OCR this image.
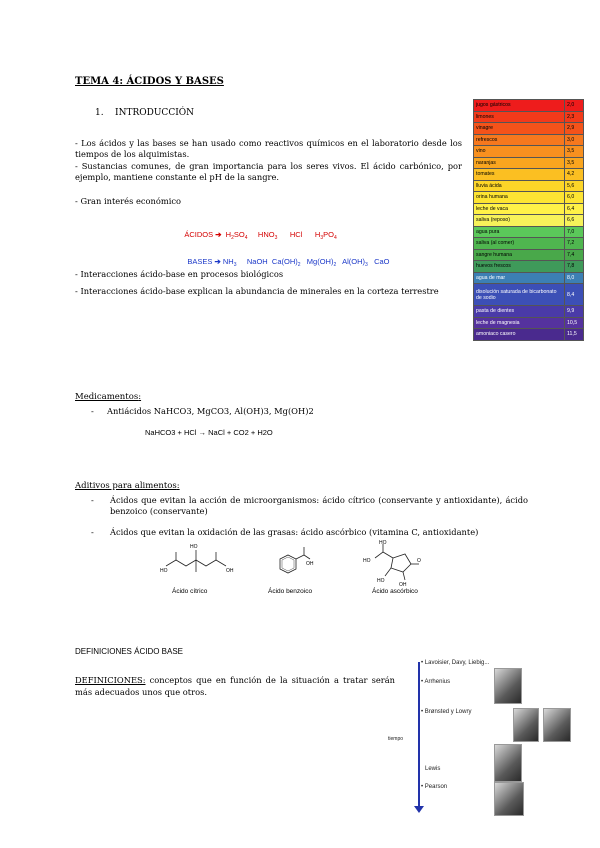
TEMA 4: ÁCIDOS Y BASES
1. INTRODUCCIÓN
- Los ácidos y las bases se han usado como reactivos químicos en el laboratorio desde los tiempos de los alquimistas.
- Sustancias comunes, de gran importancia para los seres vivos. El ácido carbónico, por ejemplo, mantiene constante el pH de la sangre.
- Gran interés económico

ÁCIDOS ➔ $H_2SO_4$ $HNO_3$ HCl $H_3PO_4$

BASES ➔ $NH_3$ NaOH $Ca(OH)_2$ $Mg(OH)_2$ $Al(OH)_3$ CaO

- Interacciones ácido-base en procesos biológicos
- Interacciones ácido-base explican la abundancia de minerales en la corteza terrestre
jugos gástricos	2,0
limones	2,3
vinagre	2,9
refrescos	3,0
vino	3,5
naranjas	3,5
tomates	4,2
lluvia ácida	5,6
orina humana	6,0
leche de vaca	6,4
saliva (reposo)	6,6
agua pura	7,0
saliva (al comer)	7,2
sangre humana	7,4
huevos frescos	7,8
agua de mar	8,0
disolución saturada de bicarbonato de sodio	8,4
pasta de dientes	9,9
leche de magnesia	10,5
amoniaco casero	11,5
Medicamentos:
- Antiácidos NaHCO3, MgCO3, Al(OH)3, Mg(OH)2
NaHCO3 + HCl → NaCl + CO2 + H2O
Aditivos para alimentos:
- Ácidos que evitan la acción de microorganismos: ácido cítrico (conservante y antioxidante), ácido benzoico (conservante)
- Ácidos que evitan la oxidación de las grasas: ácido ascórbico (vitamina C, antioxidante)
HO
HO
OH
OH
HO
HO	O
OH
HO
Ácido cítrico	Ácido benzoico	Ácido ascórbico
DEFINICIONES ÁCIDO BASE
DEFINICIONES: conceptos que en función de la situación a tratar serán más adecuados unos que otros.
tiempo
• Lavoisier, Davy, Liebig...
• Arrhenius
• Brønsted y Lowry
Lewis
• Pearson
